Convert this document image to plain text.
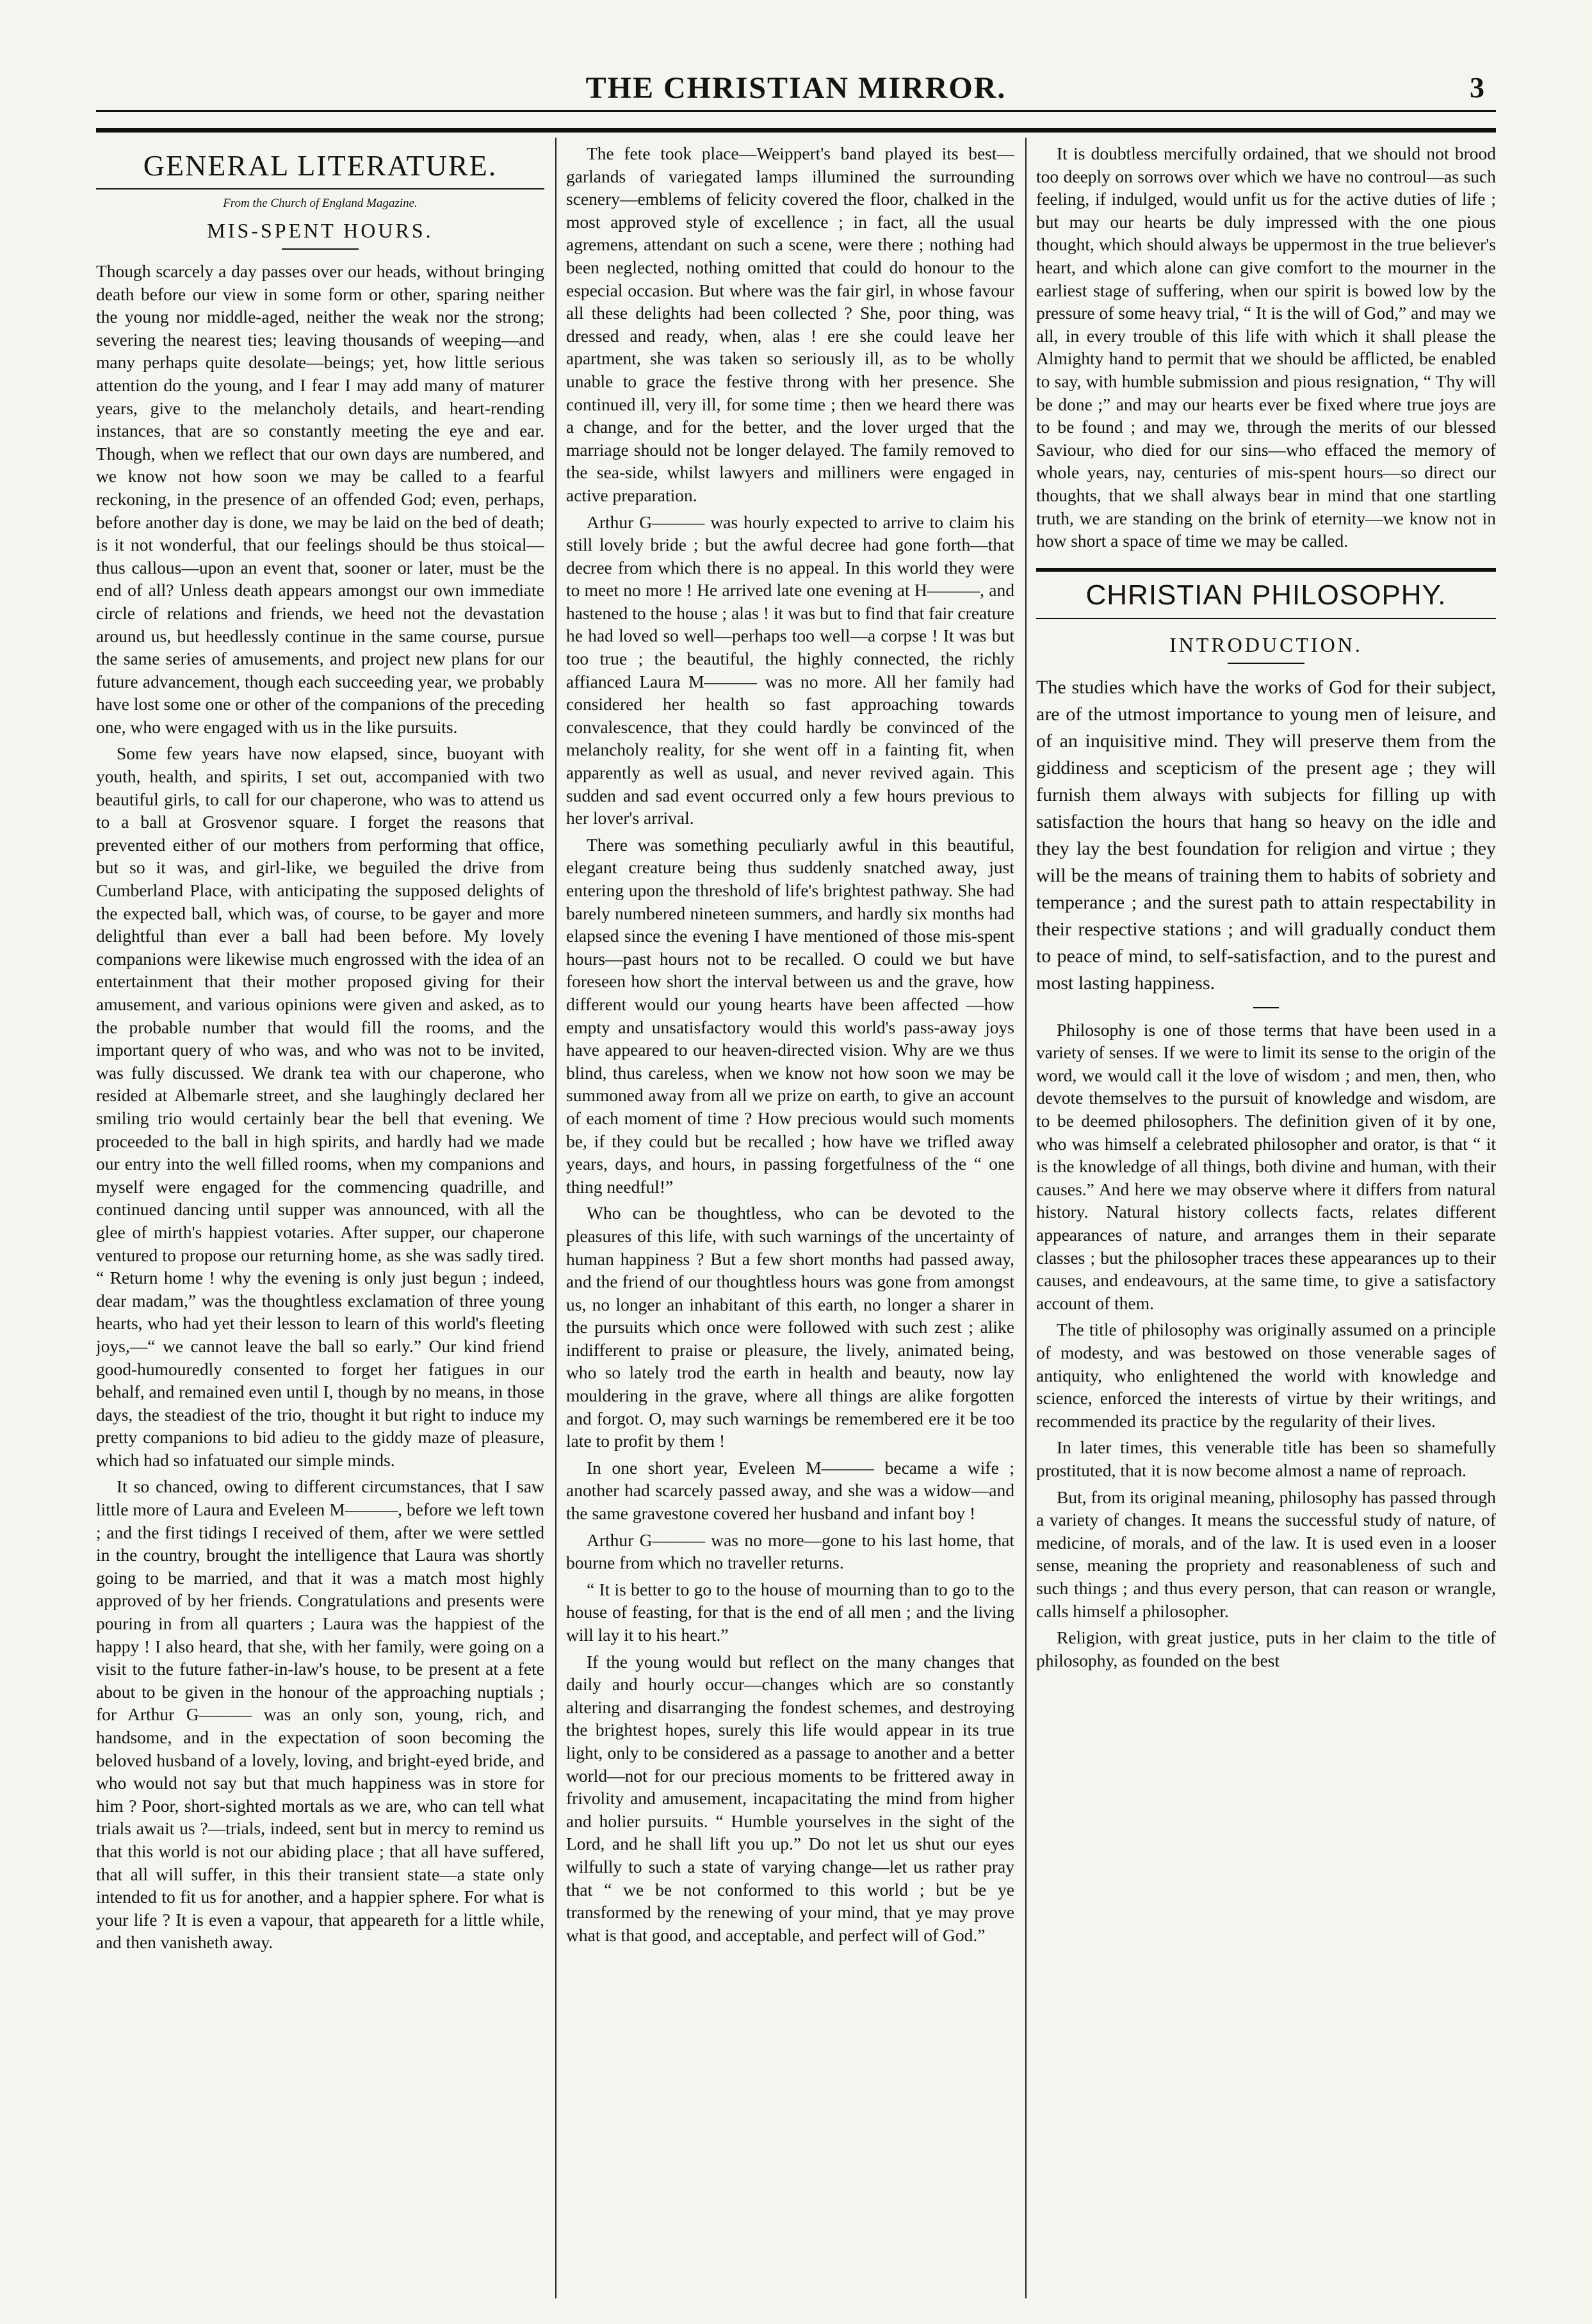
THE CHRISTIAN MIRROR.	3
GENERAL LITERATURE.
From the Church of England Magazine.
MIS-SPENT HOURS.

Though scarcely a day passes over our heads, without bringing death before our view in some form or other, sparing neither the young nor middle-aged, neither the weak nor the strong; severing the nearest ties; leaving thousands of weeping—and many perhaps quite desolate—beings; yet, how little serious attention do the young, and I fear I may add many of maturer years, give to the melancholy details, and heart-rending instances, that are so constantly meeting the eye and ear. Though, when we reflect that our own days are numbered, and we know not how soon we may be called to a fearful reckoning, in the presence of an offended God; even, perhaps, before another day is done, we may be laid on the bed of death; is it not wonderful, that our feelings should be thus stoical—thus callous—upon an event that, sooner or later, must be the end of all? Unless death appears amongst our own immediate circle of relations and friends, we heed not the devastation around us, but heedlessly continue in the same course, pursue the same series of amusements, and project new plans for our future advancement, though each succeeding year, we probably have lost some one or other of the companions of the preceding one, who were engaged with us in the like pursuits.

Some few years have now elapsed, since, buoyant with youth, health, and spirits, I set out, accompanied with two beautiful girls, to call for our chaperone, who was to attend us to a ball at Grosvenor square. I forget the reasons that prevented either of our mothers from performing that office, but so it was, and girl-like, we beguiled the drive from Cumberland Place, with anticipating the supposed delights of the expected ball, which was, of course, to be gayer and more delightful than ever a ball had been before. My lovely companions were likewise much engrossed with the idea of an entertainment that their mother proposed giving for their amusement, and various opinions were given and asked, as to the probable number that would fill the rooms, and the important query of who was, and who was not to be invited, was fully discussed. We drank tea with our chaperone, who resided at Albemarle street, and she laughingly declared her smiling trio would certainly bear the bell that evening. We proceeded to the ball in high spirits, and hardly had we made our entry into the well filled rooms, when my companions and myself were engaged for the commencing quadrille, and continued dancing until supper was announced, with all the glee of mirth's happiest votaries. After supper, our chaperone ventured to propose our returning home, as she was sadly tired. “ Return home ! why the evening is only just begun ; indeed, dear madam,” was the thoughtless exclamation of three young hearts, who had yet their lesson to learn of this world's fleeting joys,—“ we cannot leave the ball so early.” Our kind friend good-humouredly consented to forget her fatigues in our behalf, and remained even until I, though by no means, in those days, the steadiest of the trio, thought it but right to induce my pretty companions to bid adieu to the giddy maze of pleasure, which had so infatuated our simple minds.

It so chanced, owing to different circumstances, that I saw little more of Laura and Eveleen M———, before we left town ; and the first tidings I received of them, after we were settled in the country, brought the intelligence that Laura was shortly going to be married, and that it was a match most highly approved of by her friends. Congratulations and presents were pouring in from all quarters ; Laura was the happiest of the happy ! I also heard, that she, with her family, were going on a visit to the future father-in-law's house, to be present at a fete about to be given in the honour of the approaching nuptials ; for Arthur G——— was an only son, young, rich, and handsome, and in the expectation of soon becoming the beloved husband of a lovely, loving, and bright-eyed bride, and who would not say but that much happiness was in store for him ? Poor, short-sighted mortals as we are, who can tell what trials await us ?—trials, indeed, sent but in mercy to remind us that this world is not our abiding place ; that all have suffered, that all will suffer, in this their transient state—a state only intended to fit us for another, and a happier sphere. For what is your life ? It is even a vapour, that appeareth for a little while, and then vanisheth away.

The fete took place—Weippert's band played its best—garlands of variegated lamps illumined the surrounding scenery—emblems of felicity covered the floor, chalked in the most approved style of excellence ; in fact, all the usual agremens, attendant on such a scene, were there ; nothing had been neglected, nothing omitted that could do honour to the especial occasion. But where was the fair girl, in whose favour all these delights had been collected ? She, poor thing, was dressed and ready, when, alas ! ere she could leave her apartment, she was taken so seriously ill, as to be wholly unable to grace the festive throng with her presence. She continued ill, very ill, for some time ; then we heard there was a change, and for the better, and the lover urged that the marriage should not be longer delayed. The family removed to the sea-side, whilst lawyers and milliners were engaged in active preparation.

Arthur G——— was hourly expected to arrive to claim his still lovely bride ; but the awful decree had gone forth—that decree from which there is no appeal. In this world they were to meet no more ! He arrived late one evening at H———, and hastened to the house ; alas ! it was but to find that fair creature he had loved so well—perhaps too well—a corpse ! It was but too true ; the beautiful, the highly connected, the richly affianced Laura M——— was no more. All her family had considered her health so fast approaching towards convalescence, that they could hardly be convinced of the melancholy reality, for she went off in a fainting fit, when apparently as well as usual, and never revived again. This sudden and sad event occurred only a few hours previous to her lover's arrival.

There was something peculiarly awful in this beautiful, elegant creature being thus suddenly snatched away, just entering upon the threshold of life's brightest pathway. She had barely numbered nineteen summers, and hardly six months had elapsed since the evening I have mentioned of those mis-spent hours—past hours not to be recalled. O could we but have foreseen how short the interval between us and the grave, how different would our young hearts have been affected —how empty and unsatisfactory would this world's pass-away joys have appeared to our heaven-directed vision. Why are we thus blind, thus careless, when we know not how soon we may be summoned away from all we prize on earth, to give an account of each moment of time ? How precious would such moments be, if they could but be recalled ; how have we trifled away years, days, and hours, in passing forgetfulness of the “ one thing needful!”

Who can be thoughtless, who can be devoted to the pleasures of this life, with such warnings of the uncertainty of human happiness ? But a few short months had passed away, and the friend of our thoughtless hours was gone from amongst us, no longer an inhabitant of this earth, no longer a sharer in the pursuits which once were followed with such zest ; alike indifferent to praise or pleasure, the lively, animated being, who so lately trod the earth in health and beauty, now lay mouldering in the grave, where all things are alike forgotten and forgot. O, may such warnings be remembered ere it be too late to profit by them !

In one short year, Eveleen M——— became a wife ; another had scarcely passed away, and she was a widow—and the same gravestone covered her husband and infant boy !

Arthur G——— was no more—gone to his last home, that bourne from which no traveller returns.

“ It is better to go to the house of mourning than to go to the house of feasting, for that is the end of all men ; and the living will lay it to his heart.”

If the young would but reflect on the many changes that daily and hourly occur—changes which are so constantly altering and disarranging the fondest schemes, and destroying the brightest hopes, surely this life would appear in its true light, only to be considered as a passage to another and a better world—not for our precious moments to be frittered away in frivolity and amusement, incapacitating the mind from higher and holier pursuits. “ Humble yourselves in the sight of the Lord, and he shall lift you up.” Do not let us shut our eyes wilfully to such a state of varying change—let us rather pray that “ we be not conformed to this world ; but be ye transformed by the renewing of your mind, that ye may prove what is that good, and acceptable, and perfect will of God.”

It is doubtless mercifully ordained, that we should not brood too deeply on sorrows over which we have no controul—as such feeling, if indulged, would unfit us for the active duties of life ; but may our hearts be duly impressed with the one pious thought, which should always be uppermost in the true believer's heart, and which alone can give comfort to the mourner in the earliest stage of suffering, when our spirit is bowed low by the pressure of some heavy trial, “ It is the will of God,” and may we all, in every trouble of this life with which it shall please the Almighty hand to permit that we should be afflicted, be enabled to say, with humble submission and pious resignation, “ Thy will be done ;” and may our hearts ever be fixed where true joys are to be found ; and may we, through the merits of our blessed Saviour, who died for our sins—who effaced the memory of whole years, nay, centuries of mis-spent hours—so direct our thoughts, that we shall always bear in mind that one startling truth, we are standing on the brink of eternity—we know not in how short a space of time we may be called.

CHRISTIAN PHILOSOPHY.
INTRODUCTION.

The studies which have the works of God for their subject, are of the utmost importance to young men of leisure, and of an inquisitive mind. They will preserve them from the giddiness and scepticism of the present age ; they will furnish them always with subjects for filling up with satisfaction the hours that hang so heavy on the idle and they lay the best foundation for religion and virtue ; they will be the means of training them to habits of sobriety and temperance ; and the surest path to attain respectability in their respective stations ; and will gradually conduct them to peace of mind, to self-satisfaction, and to the purest and most lasting happiness.

Philosophy is one of those terms that have been used in a variety of senses. If we were to limit its sense to the origin of the word, we would call it the love of wisdom ; and men, then, who devote themselves to the pursuit of knowledge and wisdom, are to be deemed philosophers. The definition given of it by one, who was himself a celebrated philosopher and orator, is that “ it is the knowledge of all things, both divine and human, with their causes.” And here we may observe where it differs from natural history. Natural history collects facts, relates different appearances of nature, and arranges them in their separate classes ; but the philosopher traces these appearances up to their causes, and endeavours, at the same time, to give a satisfactory account of them.

The title of philosophy was originally assumed on a principle of modesty, and was bestowed on those venerable sages of antiquity, who enlightened the world with knowledge and science, enforced the interests of virtue by their writings, and recommended its practice by the regularity of their lives.

In later times, this venerable title has been so shamefully prostituted, that it is now become almost a name of reproach.

But, from its original meaning, philosophy has passed through a variety of changes. It means the successful study of nature, of medicine, of morals, and of the law. It is used even in a looser sense, meaning the propriety and reasonableness of such and such things ; and thus every person, that can reason or wrangle, calls himself a philosopher.

Religion, with great justice, puts in her claim to the title of philosophy, as founded on the best
